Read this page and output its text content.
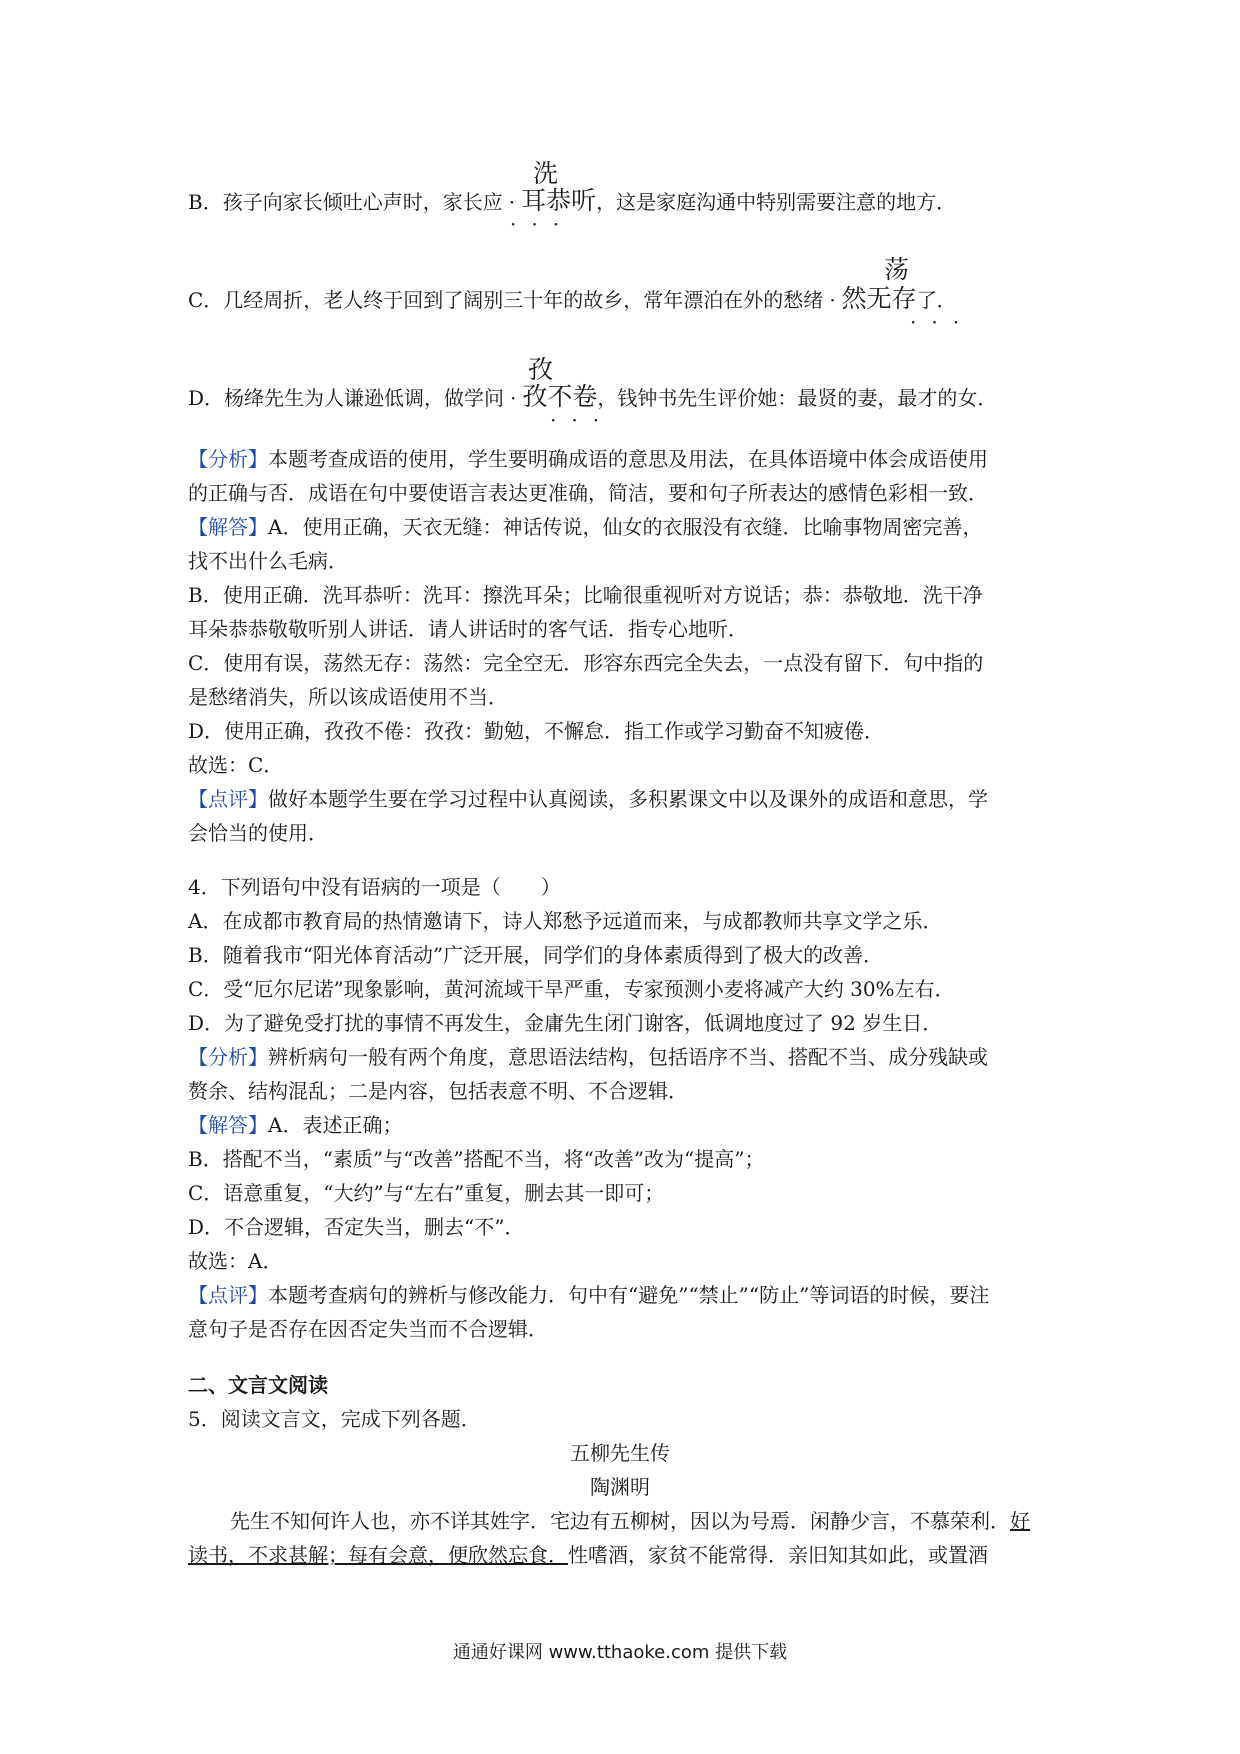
洗
B．孩子向家长倾吐心声时，家长应 · 耳恭听，这是家庭沟通中特别需要注意的地方．
···
荡
C．几经周折，老人终于回到了阔别三十年的故乡，常年漂泊在外的愁绪 · 然无存了．
···
孜
D．杨绛先生为人谦逊低调，做学问 · 孜不卷，钱钟书先生评价她：最贤的妻，最才的女．
···
【分析】本题考查成语的使用，学生要明确成语的意思及用法，在具体语境中体会成语使用
的正确与否．成语在句中要使语言表达更准确，简洁，要和句子所表达的感情色彩相一致．
【解答】A．使用正确，天衣无缝：神话传说，仙女的衣服没有衣缝．比喻事物周密完善，
找不出什么毛病．
B．使用正确．洗耳恭听：洗耳：擦洗耳朵；比喻很重视听对方说话；恭：恭敬地．洗干净
耳朵恭恭敬敬听别人讲话．请人讲话时的客气话．指专心地听．
C．使用有误，荡然无存：荡然：完全空无．形容东西完全失去，一点没有留下．句中指的
是愁绪消失，所以该成语使用不当．
D．使用正确，孜孜不倦：孜孜：勤勉，不懈怠．指工作或学习勤奋不知疲倦．
故选：C．
【点评】做好本题学生要在学习过程中认真阅读，多积累课文中以及课外的成语和意思，学
会恰当的使用．
4．下列语句中没有语病的一项是（　　）
A．在成都市教育局的热情邀请下，诗人郑愁予远道而来，与成都教师共享文学之乐．
B．随着我市“阳光体育活动”广泛开展，同学们的身体素质得到了极大的改善．
C．受“厄尔尼诺”现象影响，黄河流域干旱严重，专家预测小麦将减产大约 30%左右．
D．为了避免受打扰的事情不再发生，金庸先生闭门谢客，低调地度过了 92 岁生日．
【分析】辨析病句一般有两个角度，意思语法结构，包括语序不当、搭配不当、成分残缺或
赘余、结构混乱；二是内容，包括表意不明、不合逻辑．
【解答】A．表述正确；
B．搭配不当，“素质”与“改善”搭配不当，将“改善”改为“提高”；
C．语意重复，“大约”与“左右”重复，删去其一即可；
D．不合逻辑，否定失当，删去“不”．
故选：A．
【点评】本题考查病句的辨析与修改能力．句中有“避免”“禁止”“防止”等词语的时候，要注
意句子是否存在因否定失当而不合逻辑．
二、文言文阅读
5．阅读文言文，完成下列各题．
五柳先生传
陶渊明
先生不知何许人也，亦不详其姓字．宅边有五柳树，因以为号焉．闲静少言，不慕荣利．好
读书，不求甚解；每有会意，便欣然忘食．性嗜酒，家贫不能常得．亲旧知其如此，或置酒
通通好课网 www.tthaoke.com 提供下载
